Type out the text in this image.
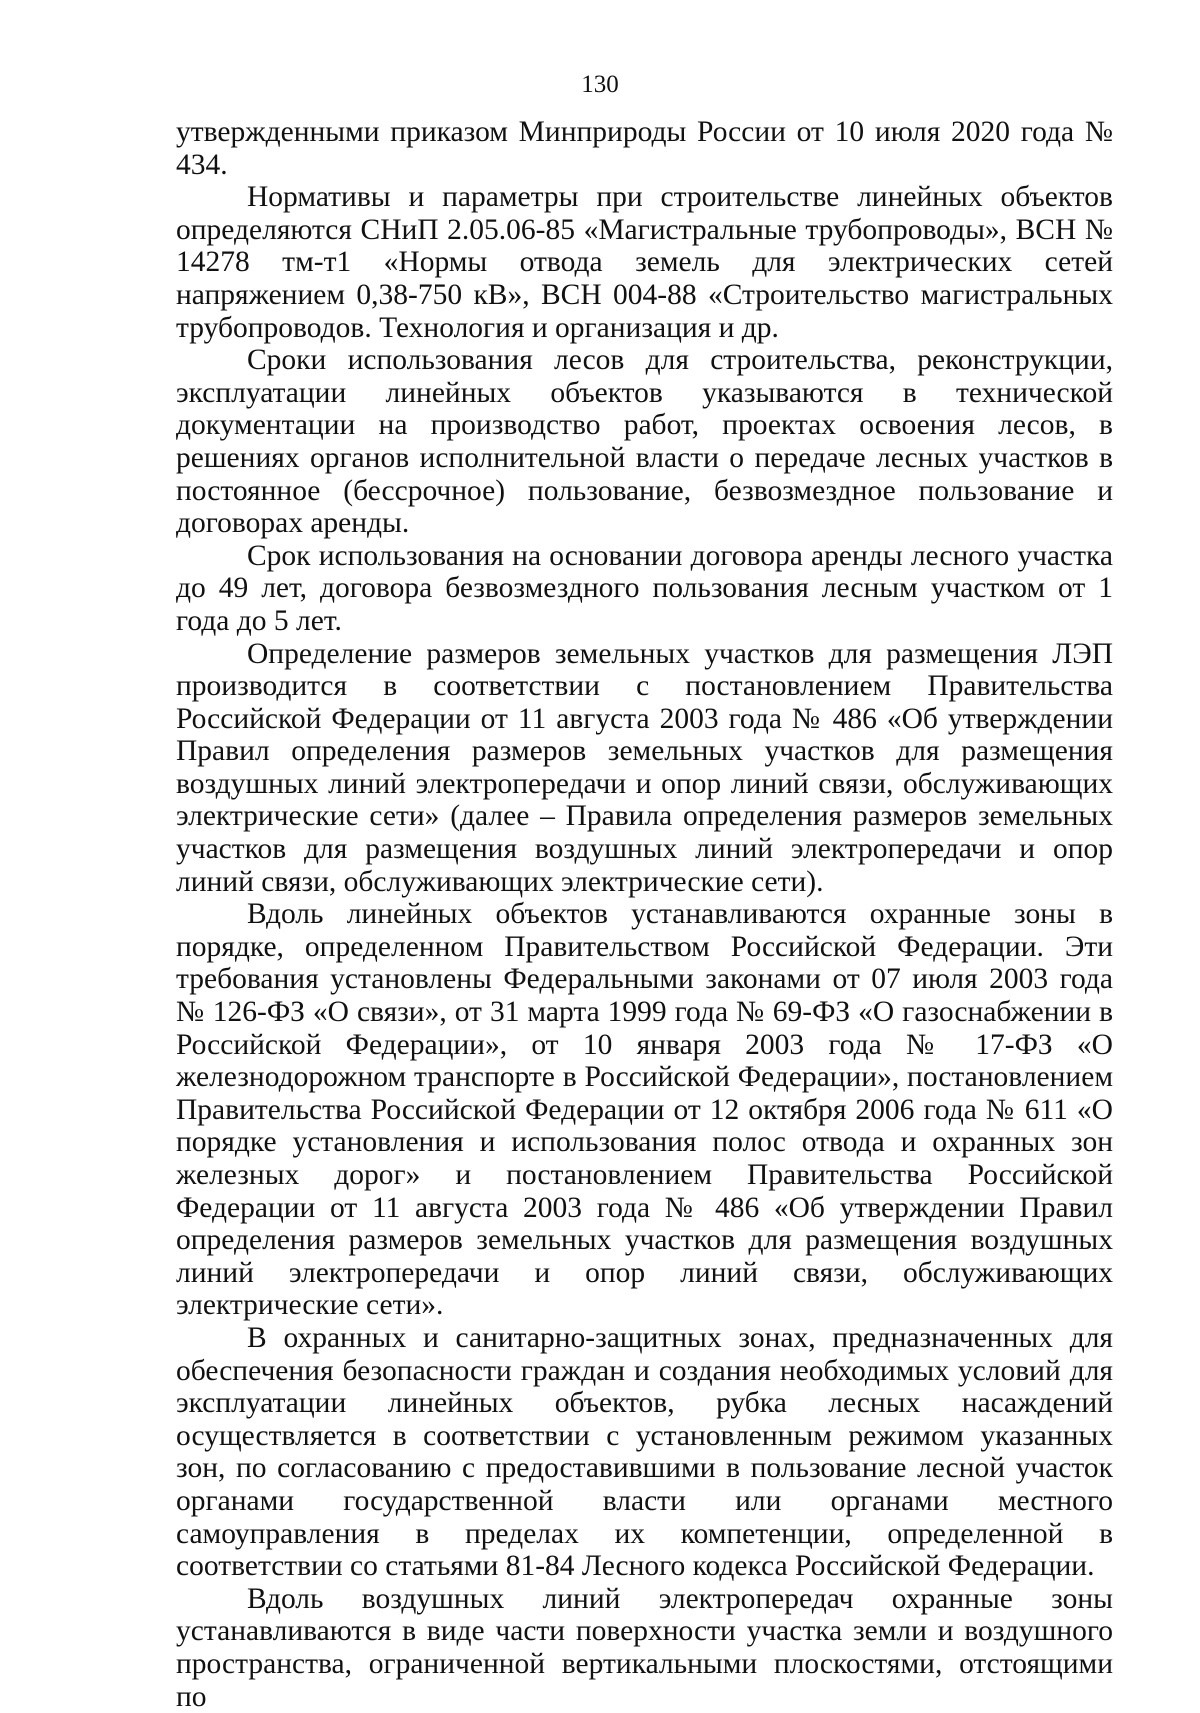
130

утвержденными приказом Минприроды России от 10 июля 2020 года № 434.

Нормативы и параметры при строительстве линейных объектов определяются СНиП 2.05.06-85 «Магистральные трубопроводы», ВСН № 14278 тм-т1 «Нормы отвода земель для электрических сетей напряжением 0,38-750 кВ», ВСН 004-88 «Строительство магистральных трубопроводов. Технология и организация и др.

Сроки использования лесов для строительства, реконструкции, эксплуатации линейных объектов указываются в технической документации на производство работ, проектах освоения лесов, в решениях органов исполнительной власти о передаче лесных участков в постоянное (бессрочное) пользование, безвозмездное пользование и договорах аренды.

Срок использования на основании договора аренды лесного участка до 49 лет, договора безвозмездного пользования лесным участком от 1 года до 5 лет.

Определение размеров земельных участков для размещения ЛЭП производится в соответствии с постановлением Правительства Российской Федерации от 11 августа 2003 года № 486 «Об утверждении Правил определения размеров земельных участков для размещения воздушных линий электропередачи и опор линий связи, обслуживающих электрические сети» (далее – Правила определения размеров земельных участков для размещения воздушных линий электропередачи и опор линий связи, обслуживающих электрические сети).

Вдоль линейных объектов устанавливаются охранные зоны в порядке, определенном Правительством Российской Федерации. Эти требования установлены Федеральными законами от 07 июля 2003 года № 126-ФЗ «О связи», от 31 марта 1999 года № 69-ФЗ «О газоснабжении в Российской Федерации», от 10 января 2003 года № 17-ФЗ «О железнодорожном транспорте в Российской Федерации», постановлением Правительства Российской Федерации от 12 октября 2006 года № 611 «О порядке установления и использования полос отвода и охранных зон железных дорог» и постановлением Правительства Российской Федерации от 11 августа 2003 года № 486 «Об утверждении Правил определения размеров земельных участков для размещения воздушных линий электропередачи и опор линий связи, обслуживающих электрические сети».

В охранных и санитарно-защитных зонах, предназначенных для обеспечения безопасности граждан и создания необходимых условий для эксплуатации линейных объектов, рубка лесных насаждений осуществляется в соответствии с установленным режимом указанных зон, по согласованию с предоставившими в пользование лесной участок органами государственной власти или органами местного самоуправления в пределах их компетенции, определенной в соответствии со статьями 81-84 Лесного кодекса Российской Федерации.

Вдоль воздушных линий электропередач охранные зоны устанавливаются в виде части поверхности участка земли и воздушного пространства, ограниченной вертикальными плоскостями, отстоящими по
